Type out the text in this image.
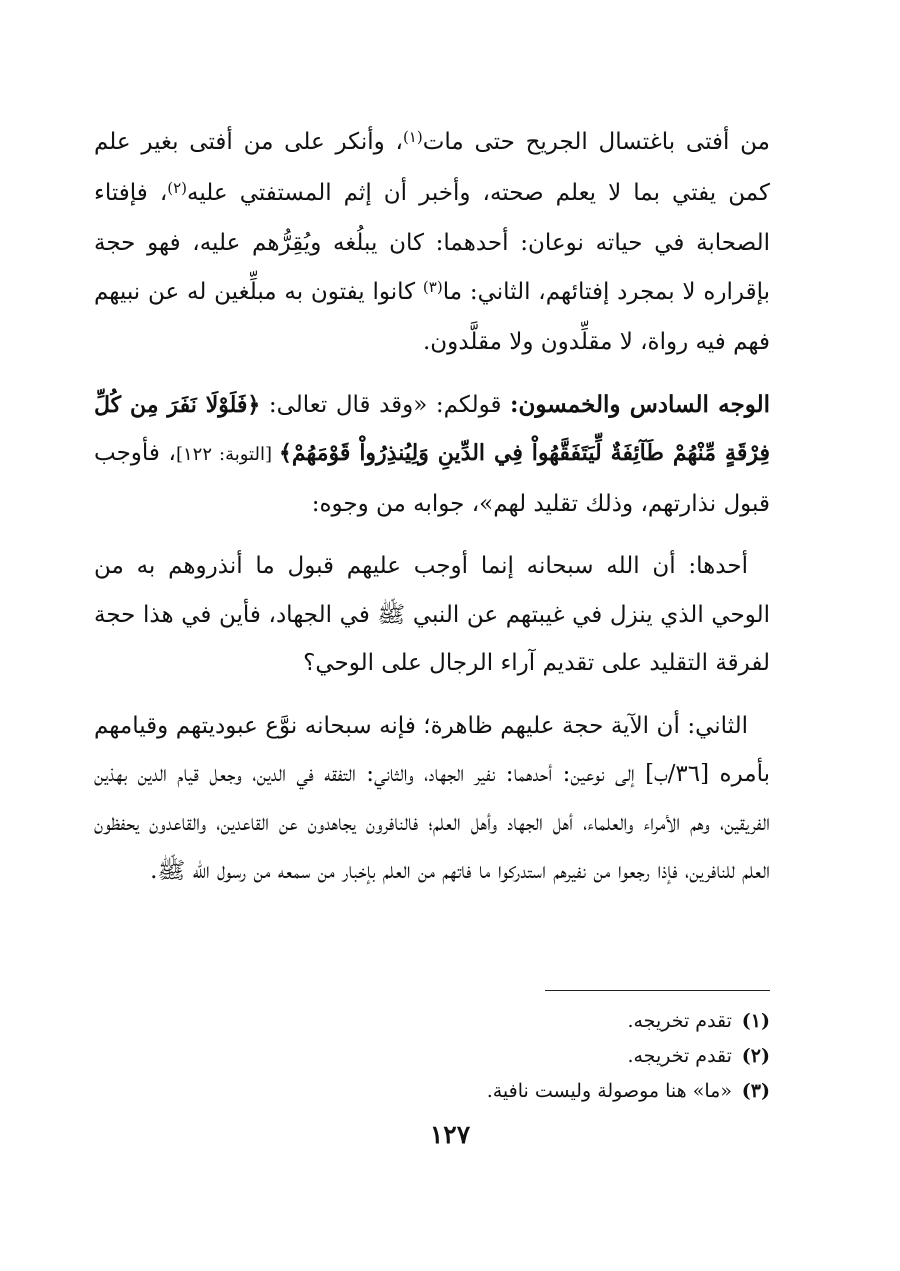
من أفتى باغتسال الجريح حتى مات$^{(١)}$، وأنكر على من أفتى بغير علم كمن يفتي بما لا يعلم صحته، وأخبر أن إثم المستفتي عليه$^{(٢)}$، فإفتاء الصحابة في حياته نوعان: أحدهما: كان يبلُغه ويُقِرُّهم عليه، فهو حجة بإقراره لا بمجرد إفتائهم، الثاني: ما$^{(٣)}$ كانوا يفتون به مبلِّغين له عن نبيهم فهم فيه رواة، لا مقلِّدون ولا مقلَّدون.

الوجه السادس والخمسون: قولكم: «وقد قال تعالى: ﴿فَلَوْلَا نَفَرَ مِن كُلِّ فِرْقَةٍ مِّنْهُمْ طَآئِفَةٌ لِّيَتَفَقَّهُواْ فِي الدِّينِ وَلِيُنذِرُواْ قَوْمَهُمْ﴾ [التوبة: ١٢٢]، فأوجب قبول نذارتهم، وذلك تقليد لهم»، جوابه من وجوه:

أحدها: أن الله سبحانه إنما أوجب عليهم قبول ما أنذروهم به من الوحي الذي ينزل في غيبتهم عن النبي ﷺ في الجهاد، فأين في هذا حجة لفرقة التقليد على تقديم آراء الرجال على الوحي؟

الثاني: أن الآية حجة عليهم ظاهرة؛ فإنه سبحانه نوَّع عبوديتهم وقيامهم بأمره [٣٦/ب] إلى نوعين: أحدهما: نفير الجهاد، والثاني: التفقه في الدين، وجعل قيام الدين بهذين الفريقين، وهم الأمراء والعلماء، أهل الجهاد وأهل العلم؛ فالنافرون يجاهدون عن القاعدين، والقاعدون يحفظون العلم للنافرين، فإذا رجعوا من نفيرهم استدركوا ما فاتهم من العلم بإخبار من سمعه من رسول الله ﷺ.

(١) تقدم تخريجه.

(٢) تقدم تخريجه.

(٣) «ما» هنا موصولة وليست نافية.

١٢٧
